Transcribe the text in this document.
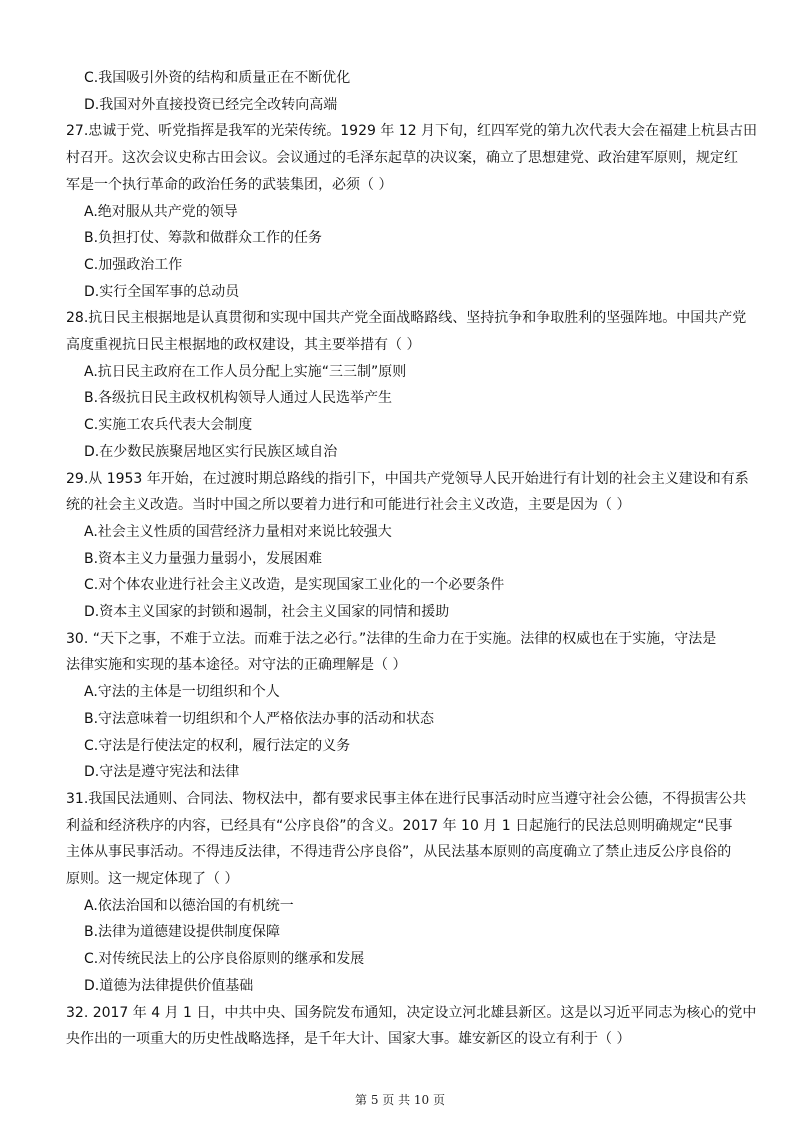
C.我国吸引外资的结构和质量正在不断优化
D.我国对外直接投资已经完全改转向高端
27.忠诚于党、听党指挥是我军的光荣传统。1929 年 12 月下旬，红四军党的第九次代表大会在福建上杭县古田
村召开。这次会议史称古田会议。会议通过的毛泽东起草的决议案，确立了思想建党、政治建军原则，规定红
军是一个执行革命的政治任务的武装集团，必须（ ）
A.绝对服从共产党的领导
B.负担打仗、筹款和做群众工作的任务
C.加强政治工作
D.实行全国军事的总动员
28.抗日民主根据地是认真贯彻和实现中国共产党全面战略路线、坚持抗争和争取胜利的坚强阵地。中国共产党
高度重视抗日民主根据地的政权建设，其主要举措有（ ）
A.抗日民主政府在工作人员分配上实施“三三制”原则
B.各级抗日民主政权机构领导人通过人民选举产生
C.实施工农兵代表大会制度
D.在少数民族聚居地区实行民族区域自治
29.从 1953 年开始，在过渡时期总路线的指引下，中国共产党领导人民开始进行有计划的社会主义建设和有系
统的社会主义改造。当时中国之所以要着力进行和可能进行社会主义改造，主要是因为（ ）
A.社会主义性质的国营经济力量相对来说比较强大
B.资本主义力量强力量弱小，发展困难
C.对个体农业进行社会主义改造，是实现国家工业化的一个必要条件
D.资本主义国家的封锁和遏制，社会主义国家的同情和援助
30. “天下之事，不难于立法。而难于法之必行。”法律的生命力在于实施。法律的权威也在于实施，守法是
法律实施和实现的基本途径。对守法的正确理解是（ ）
A.守法的主体是一切组织和个人
B.守法意味着一切组织和个人严格依法办事的活动和状态
C.守法是行使法定的权利，履行法定的义务
D.守法是遵守宪法和法律
31.我国民法通则、合同法、物权法中，都有要求民事主体在进行民事活动时应当遵守社会公德，不得损害公共
利益和经济秩序的内容，已经具有“公序良俗”的含义。2017 年 10 月 1 日起施行的民法总则明确规定“民事
主体从事民事活动。不得违反法律，不得违背公序良俗”，从民法基本原则的高度确立了禁止违反公序良俗的
原则。这一规定体现了（ ）
A.依法治国和以德治国的有机统一
B.法律为道德建设提供制度保障
C.对传统民法上的公序良俗原则的继承和发展
D.道德为法律提供价值基础
32. 2017 年 4 月 1 日，中共中央、国务院发布通知，决定设立河北雄县新区。这是以习近平同志为核心的党中
央作出的一项重大的历史性战略选择，是千年大计、国家大事。雄安新区的设立有利于（ ）
第 5 页 共 10 页
